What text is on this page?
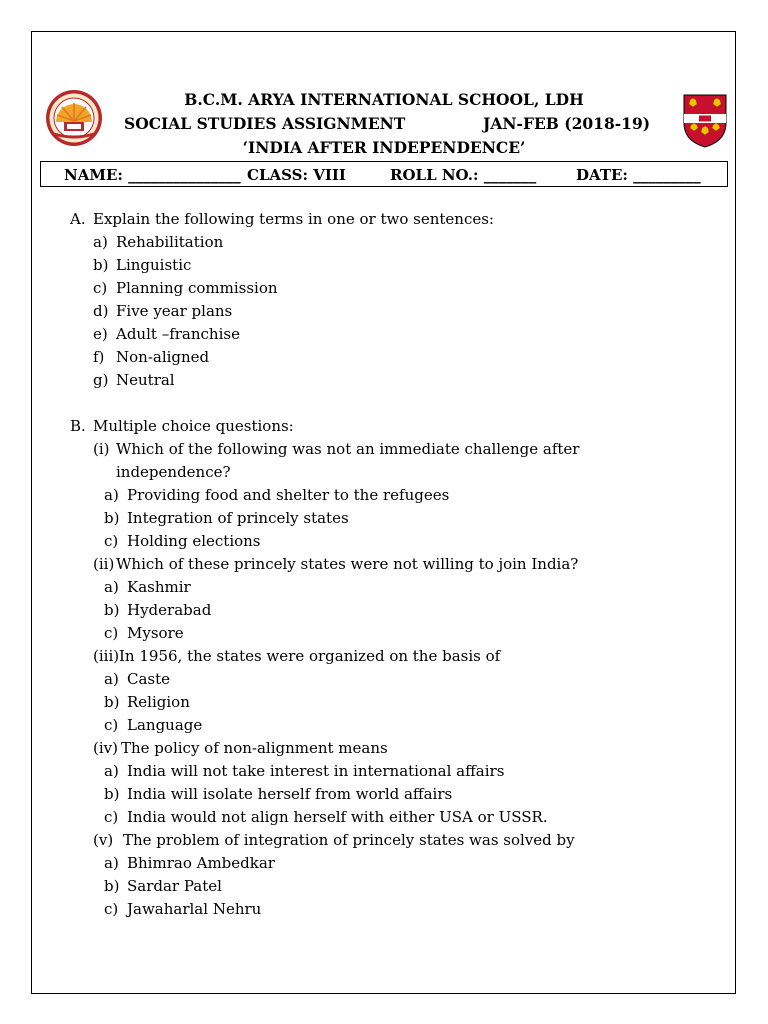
B.C.M. ARYA INTERNATIONAL SCHOOL, LDH
SOCIAL STUDIES ASSIGNMENT	JAN-FEB (2018-19)
‘INDIA AFTER INDEPENDENCE’
NAME: _______________ CLASS: VIII	ROLL NO.: _______	DATE: _________
A. Explain the following terms in one or two sentences:
a) Rehabilitation
b) Linguistic
c) Planning commission
d) Five year plans
e) Adult –franchise
f) Non-aligned
g) Neutral
B. Multiple choice questions:
(i) Which of the following was not an immediate challenge after
independence?
a) Providing food and shelter to the refugees
b) Integration of princely states
c) Holding elections
(ii) Which of these princely states were not willing to join India?
a) Kashmir
b) Hyderabad
c) Mysore
(iii)In 1956, the states were organized on the basis of
a) Caste
b) Religion
c) Language
(iv) The policy of non-alignment means
a) India will not take interest in international affairs
b) India will isolate herself from world affairs
c) India would not align herself with either USA or USSR.
(v) The problem of integration of princely states was solved by
a) Bhimrao Ambedkar
b) Sardar Patel
c) Jawaharlal Nehru
